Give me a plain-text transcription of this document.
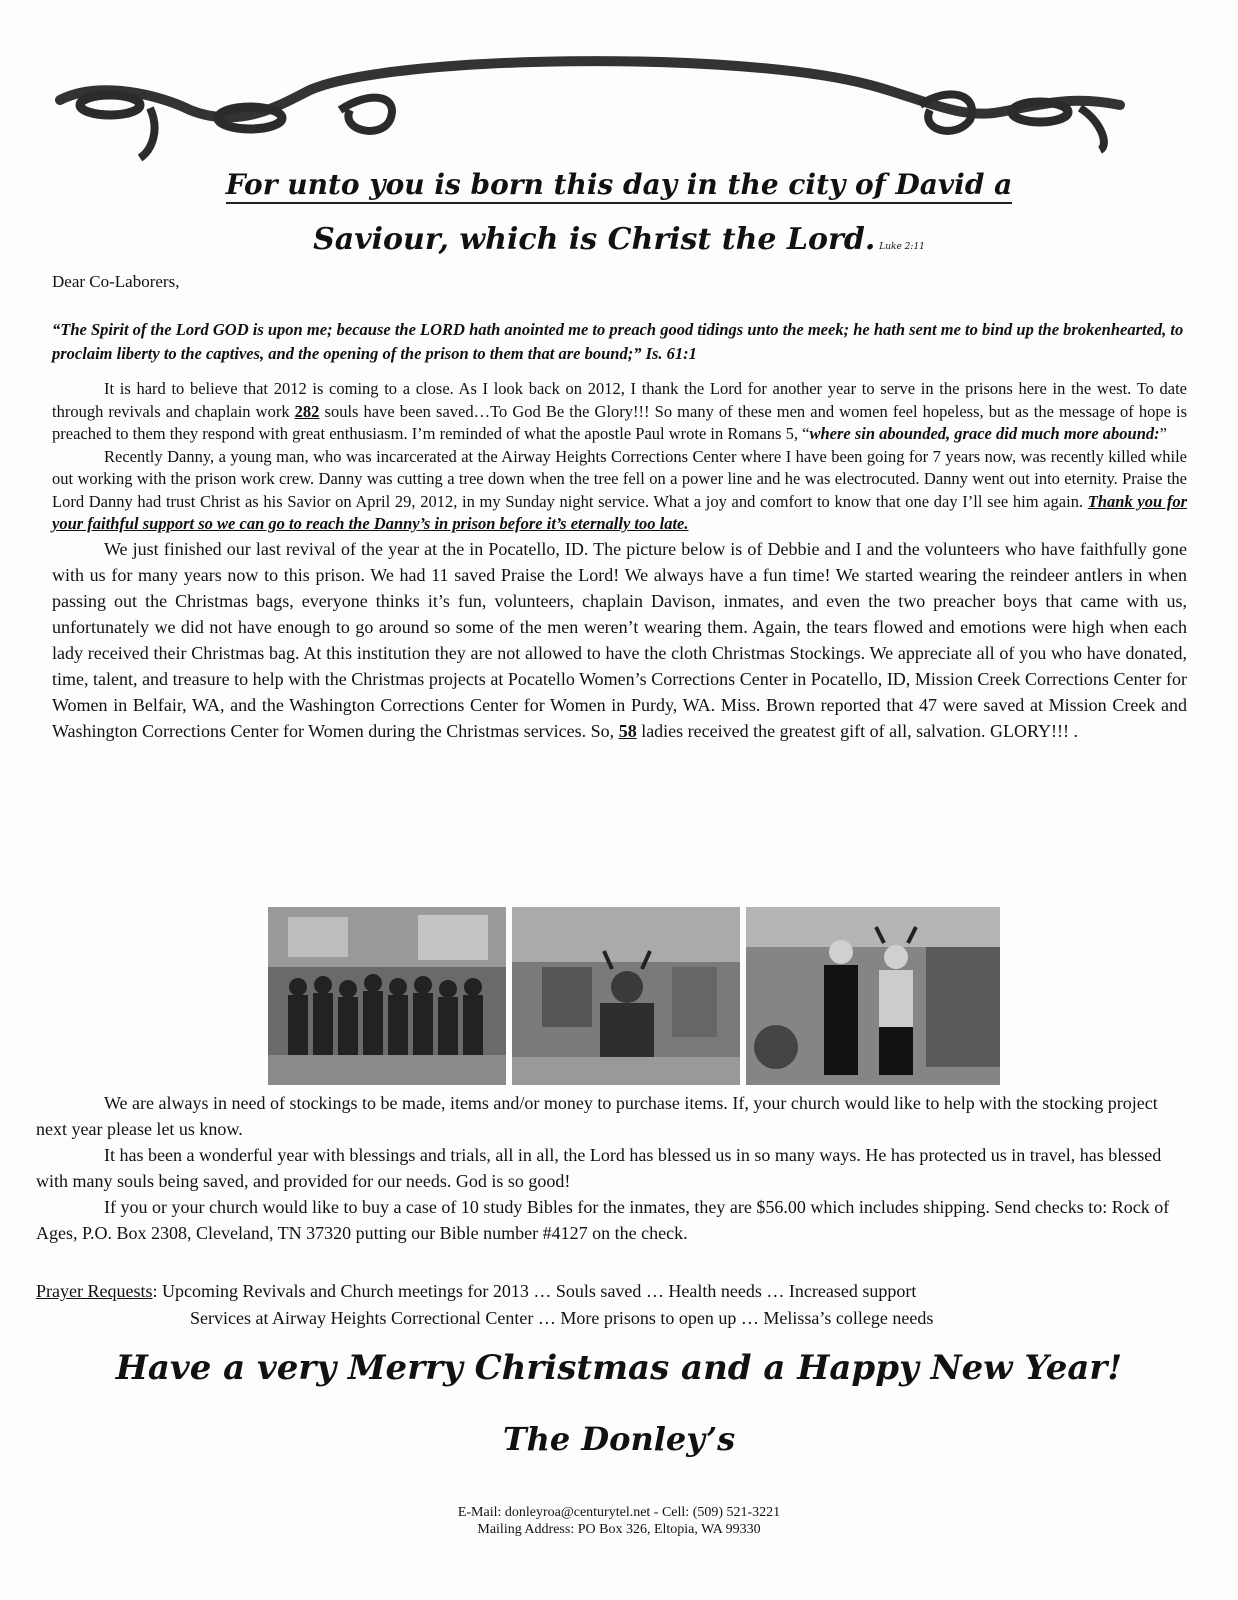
For unto you is born this day in the city of David a
Saviour, which is Christ the Lord. Luke 2:11
Dear Co-Laborers,
“The Spirit of the Lord GOD is upon me; because the LORD hath anointed me to preach good tidings unto the meek; he hath sent me to bind up the brokenhearted, to proclaim liberty to the captives, and the opening of the prison to them that are bound;” Is. 61:1

It is hard to believe that 2012 is coming to a close. As I look back on 2012, I thank the Lord for another year to serve in the prisons here in the west. To date through revivals and chaplain work 282 souls have been saved…To God Be the Glory!!! So many of these men and women feel hopeless, but as the message of hope is preached to them they respond with great enthusiasm. I’m reminded of what the apostle Paul wrote in Romans 5, “where sin abounded, grace did much more abound:”

Recently Danny, a young man, who was incarcerated at the Airway Heights Corrections Center where I have been going for 7 years now, was recently killed while out working with the prison work crew. Danny was cutting a tree down when the tree fell on a power line and he was electrocuted. Danny went out into eternity. Praise the Lord Danny had trust Christ as his Savior on April 29, 2012, in my Sunday night service. What a joy and comfort to know that one day I’ll see him again. Thank you for your faithful support so we can go to reach the Danny’s in prison before it’s eternally too late.

We just finished our last revival of the year at the in Pocatello, ID. The picture below is of Debbie and I and the volunteers who have faithfully gone with us for many years now to this prison. We had 11 saved Praise the Lord! We always have a fun time! We started wearing the reindeer antlers in when passing out the Christmas bags, everyone thinks it’s fun, volunteers, chaplain Davison, inmates, and even the two preacher boys that came with us, unfortunately we did not have enough to go around so some of the men weren’t wearing them. Again, the tears flowed and emotions were high when each lady received their Christmas bag. At this institution they are not allowed to have the cloth Christmas Stockings. We appreciate all of you who have donated, time, talent, and treasure to help with the Christmas projects at Pocatello Women’s Corrections Center in Pocatello, ID, Mission Creek Corrections Center for Women in Belfair, WA, and the Washington Corrections Center for Women in Purdy, WA. Miss. Brown reported that 47 were saved at Mission Creek and Washington Corrections Center for Women during the Christmas services. So, 58 ladies received the greatest gift of all, salvation. GLORY!!! .

We are always in need of stockings to be made, items and/or money to purchase items. If, your church would like to help with the stocking project next year please let us know.

It has been a wonderful year with blessings and trials, all in all, the Lord has blessed us in so many ways. He has protected us in travel, has blessed with many souls being saved, and provided for our needs. God is so good!

If you or your church would like to buy a case of 10 study Bibles for the inmates, they are $56.00 which includes shipping. Send checks to: Rock of Ages, P.O. Box 2308, Cleveland, TN 37320 putting our Bible number #4127 on the check.

Prayer Requests: Upcoming Revivals and Church meetings for 2013 … Souls saved … Health needs … Increased support
Services at Airway Heights Correctional Center … More prisons to open up … Melissa’s college needs
Have a very Merry Christmas and a Happy New Year!
The Donley’s
E-Mail: donleyroa@centurytel.net - Cell: (509) 521-3221
Mailing Address: PO Box 326, Eltopia, WA 99330
